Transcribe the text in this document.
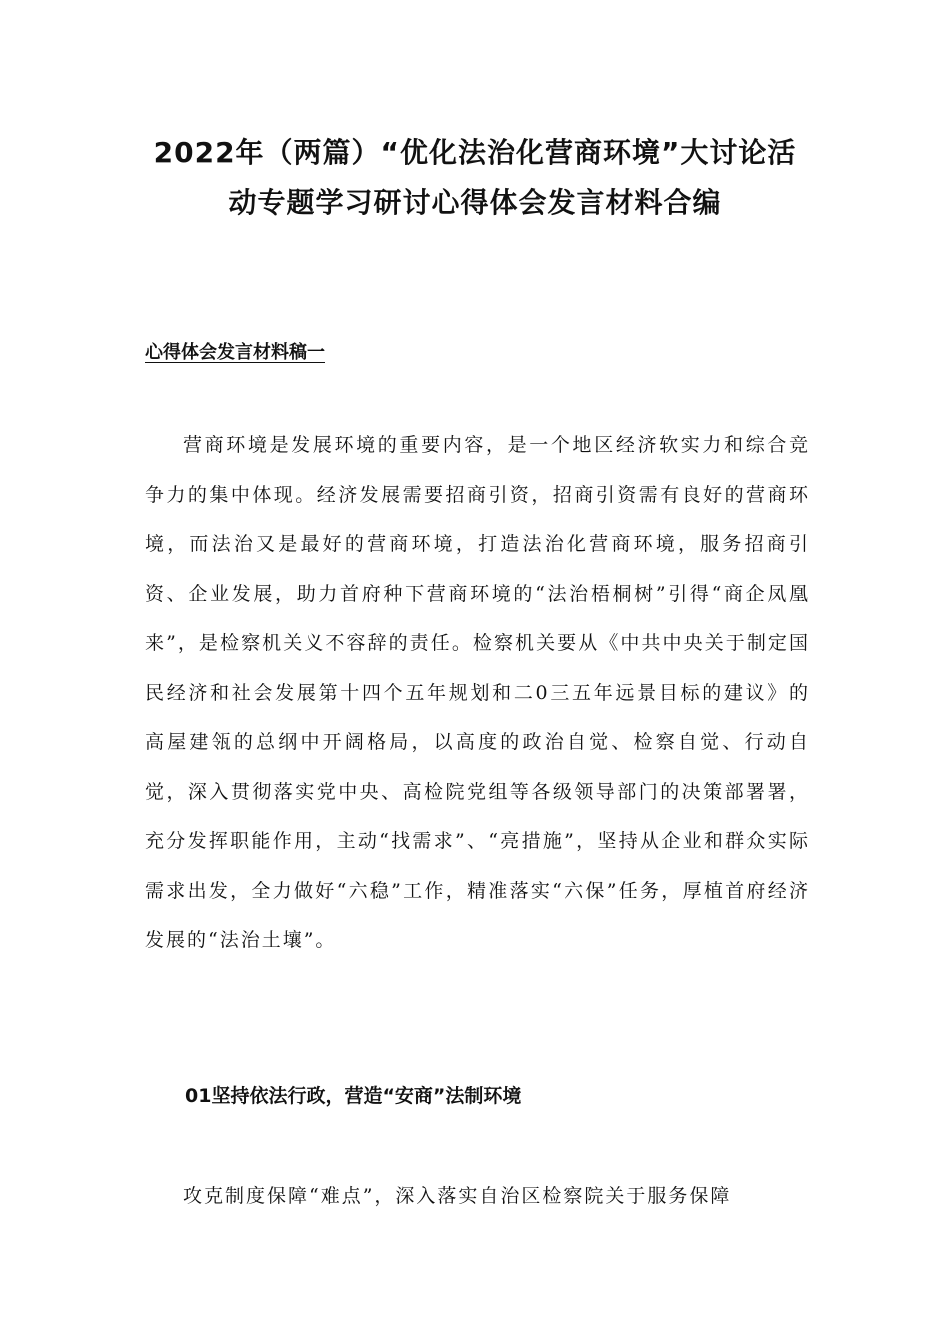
2022年（两篇）“优化法治化营商环境”大讨论活
动专题学习研讨心得体会发言材料合编
心得体会发言材料稿一

营商环境是发展环境的重要内容，是一个地区经济软实力和综合竞争力的集中体现。经济发展需要招商引资，招商引资需有良好的营商环境，而法治又是最好的营商环境，打造法治化营商环境，服务招商引资、企业发展，助力首府种下营商环境的“法治梧桐树”引得“商企凤凰来”，是检察机关义不容辞的责任。检察机关要从《中共中央关于制定国民经济和社会发展第十四个五年规划和二0三五年远景目标的建议》的高屋建瓴的总纲中开阔格局，以高度的政治自觉、检察自觉、行动自觉，深入贯彻落实党中央、高检院党组等各级领导部门的决策部署署，充分发挥职能作用，主动“找需求”、“亮措施”，坚持从企业和群众实际需求出发，全力做好“六稳”工作，精准落实“六保”任务，厚植首府经济发展的“法治土壤”。

01坚持依法行政，营造“安商”法制环境

攻克制度保障“难点”，深入落实自治区检察院关于服务保障
